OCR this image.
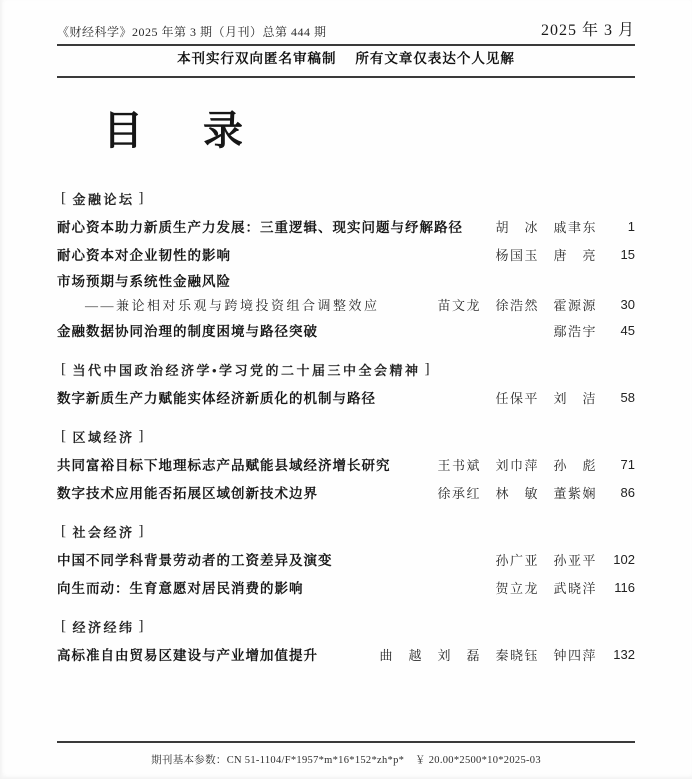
《财经科学》2025 年第 3 期（月刊）总第 444 期	2025 年 3 月
本刊实行双向匿名审稿制　 所有文章仅表达个人见解
目　录
[ 金融论坛 ]
耐心资本助力新质生产力发展：三重逻辑、现实问题与纾解路径 胡　冰　戚聿东	1
耐心资本对企业韧性的影响	杨国玉　唐　亮	15
市场预期与系统性金融风险
——兼论相对乐观与跨境投资组合调整效应	苗文龙　徐浩然　霍源源	30
金融数据协同治理的制度困境与路径突破	鄢浩宇	45
[ 当代中国政治经济学•学习党的二十届三中全会精神 ]
数字新质生产力赋能实体经济新质化的机制与路径	任保平　刘　洁	58
[ 区域经济 ]
共同富裕目标下地理标志产品赋能县域经济增长研究	王书斌　刘巾萍　孙　彪	71
数字技术应用能否拓展区域创新技术边界	徐承红　林　敏　董紫娴	86
[ 社会经济 ]
中国不同学科背景劳动者的工资差异及演变	孙广亚　孙亚平	102
向生而动：生育意愿对居民消费的影响	贺立龙　武晓洋	116
[ 经济经纬 ]
高标准自由贸易区建设与产业增加值提升	曲　越　刘　磊　秦晓钰　钟四萍	132
期刊基本参数：CN 51-1104/F*1957*m*16*152*zh*p*　￥ 20.00*2500*10*2025-03
